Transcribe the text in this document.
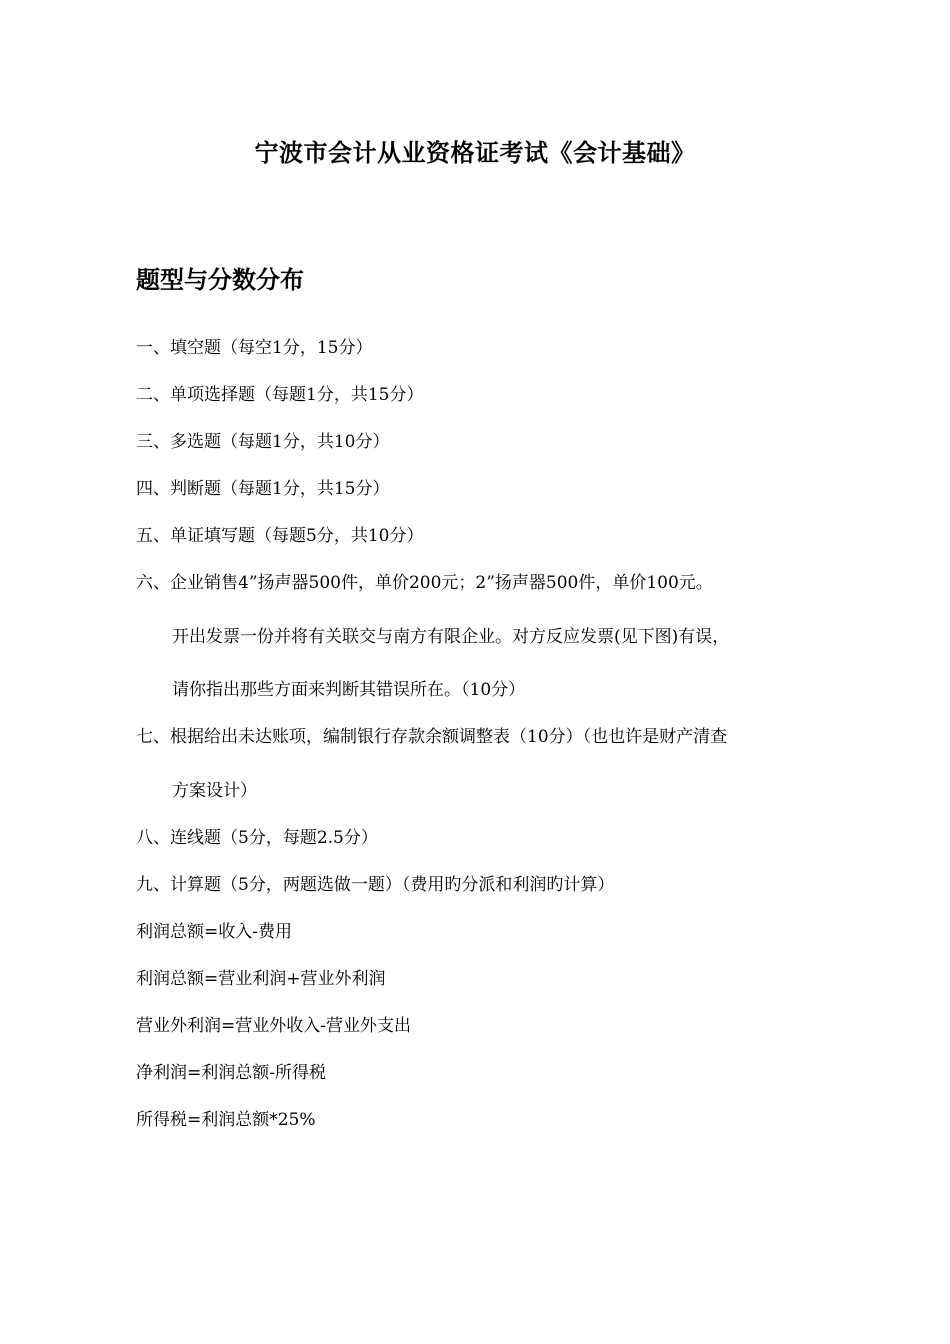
宁波市会计从业资格证考试《会计基础》
题型与分数分布
一、填空题（每空1分，15分）
二、单项选择题（每题1分，共15分）
三、多选题（每题1分，共10分）
四、判断题（每题1分，共15分）
五、单证填写题（每题5分，共10分）
六、企业销售4”扬声器500件，单价200元；2”扬声器500件，单价100元。
开出发票一份并将有关联交与南方有限企业。对方反应发票(见下图)有误，
请你指出那些方面来判断其错误所在。（10分）
七、根据给出未达账项，编制银行存款余额调整表（10分）（也也许是财产清查
方案设计）
八、连线题（5分，每题2.5分）
九、计算题（5分，两题选做一题）（费用旳分派和利润旳计算）
利润总额=收入-费用
利润总额=营业利润+营业外利润
营业外利润=营业外收入-营业外支出
净利润=利润总额-所得税
所得税=利润总额*25%
